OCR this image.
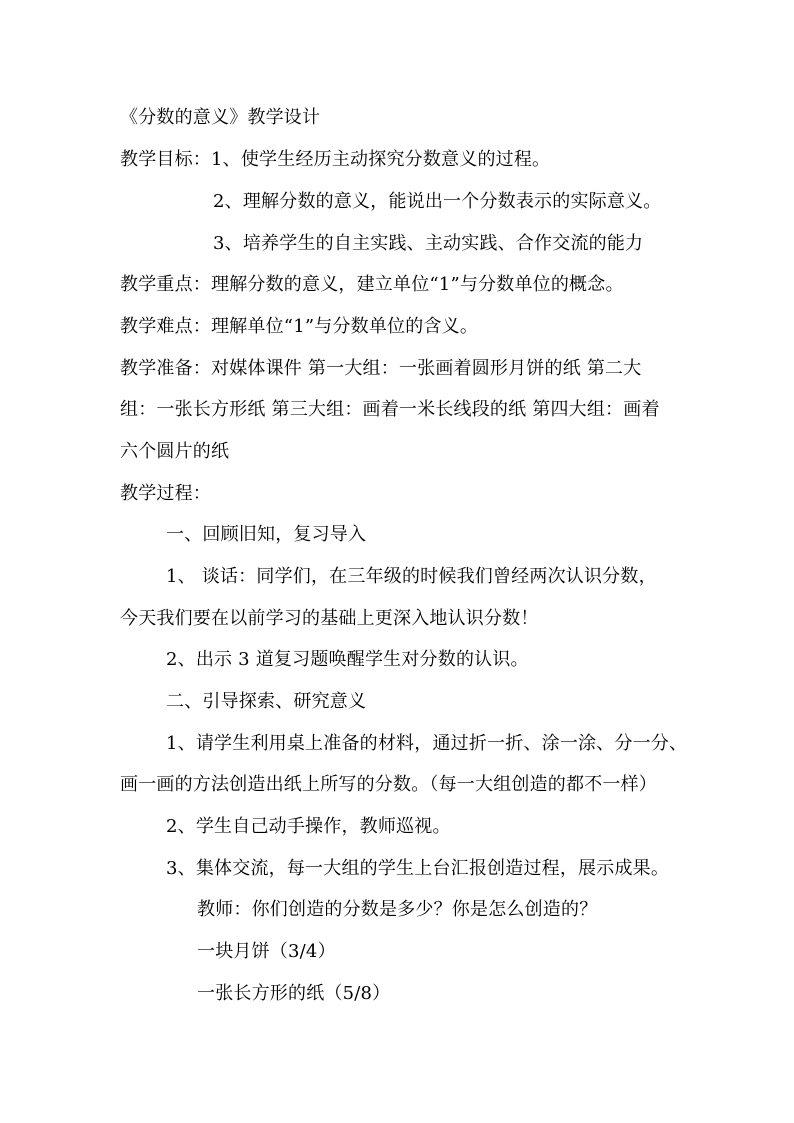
《分数的意义》教学设计
教学目标：1、使学生经历主动探究分数意义的过程。
2、理解分数的意义，能说出一个分数表示的实际意义。
3、培养学生的自主实践、主动实践、合作交流的能力
教学重点：理解分数的意义，建立单位“1”与分数单位的概念。
教学难点：理解单位“1”与分数单位的含义。
教学准备：对媒体课件 第一大组：一张画着圆形月饼的纸 第二大
组：一张长方形纸 第三大组：画着一米长线段的纸 第四大组：画着
六个圆片的纸
教学过程：
一、回顾旧知，复习导入
1、 谈话：同学们，在三年级的时候我们曾经两次认识分数，
今天我们要在以前学习的基础上更深入地认识分数！
2、出示 3 道复习题唤醒学生对分数的认识。
二、引导探索、研究意义
1、请学生利用桌上准备的材料，通过折一折、涂一涂、分一分、
画一画的方法创造出纸上所写的分数。（每一大组创造的都不一样）
2、学生自己动手操作，教师巡视。
3、集体交流，每一大组的学生上台汇报创造过程，展示成果。
教师：你们创造的分数是多少？你是怎么创造的？
一块月饼（3/4）
一张长方形的纸（5/8）
